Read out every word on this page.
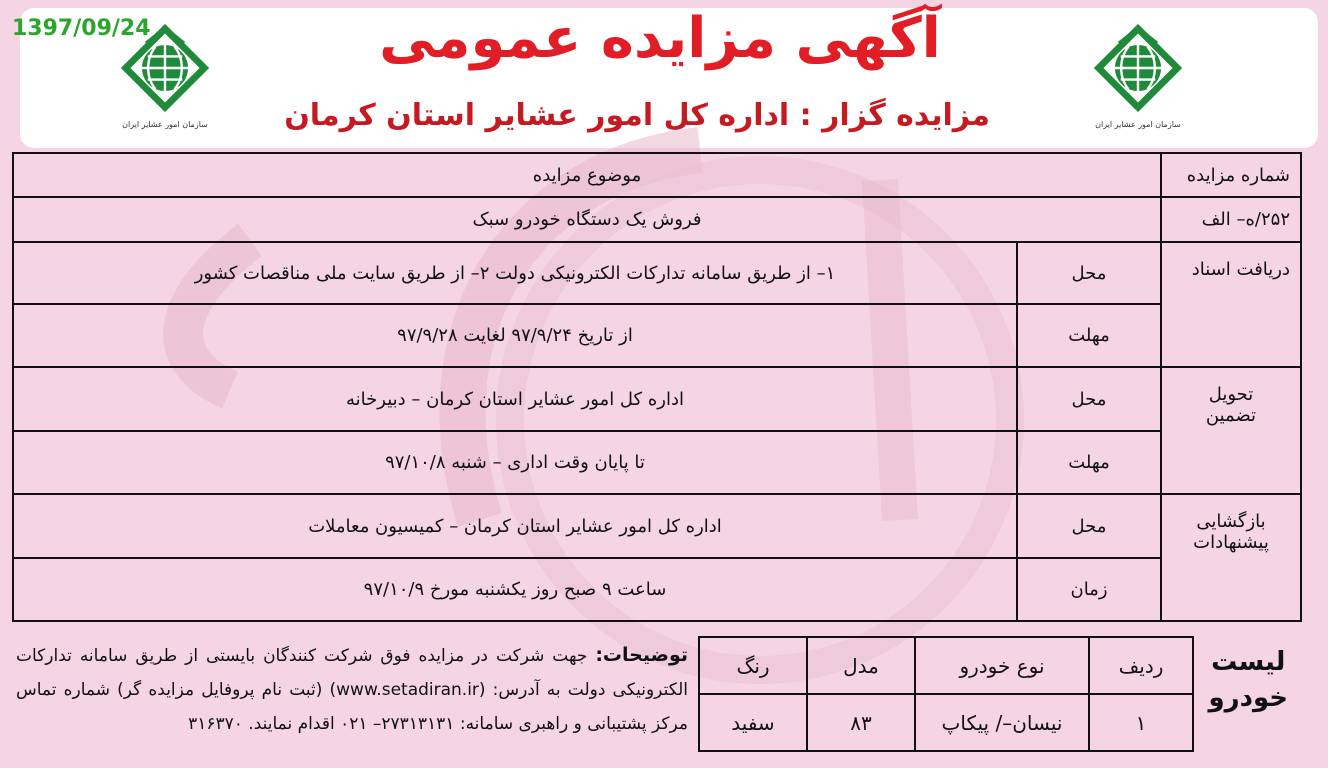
1397/09/24
سازمان امور عشایر ایران	سازمان امور عشایر ایران
آگهی مزایده عمومی
مزایده گزار : اداره کل امور عشایر استان کرمان
شماره مزایده	موضوع مزایده	
۲۵۲/ه– الف	فروش یک دستگاه خودرو سبک	
دریافت اسناد	محل	۱– از طریق سامانه تدارکات الکترونیکی دولت ۲– از طریق سایت ملی مناقصات کشور
	مهلت	از تاریخ ۹۷/۹/۲۴ لغایت ۹۷/۹/۲۸

تحویل
تضمین	محل	اداره کل امور عشایر استان کرمان – دبیرخانه
	مهلت	تا پایان وقت اداری – شنبه ۹۷/۱۰/۸

بازگشایی
پیشنهادات	محل	اداره کل امور عشایر استان کرمان – کمیسیون معاملات
	زمان	ساعت ۹ صبح روز یکشنبه مورخ ۹۷/۱۰/۹
لیست
خودرو
ردیف	نوع خودرو	مدل	رنگ
۱	نیسان–/ پیکاپ	۸۳	سفید
توضیحات: جهت شرکت در مزایده فوق شرکت کنندگان بایستی از طریق سامانه تدارکات الکترونیکی دولت به آدرس: (www.setadiran.ir) (ثبت نام پروفایل مزایده گر) شماره تماس مرکز پشتیبانی و راهبری سامانه: ۲۷۳۱۳۱۳۱– ۰۲۱ اقدام نمایند. ۳۱۶۳۷۰
